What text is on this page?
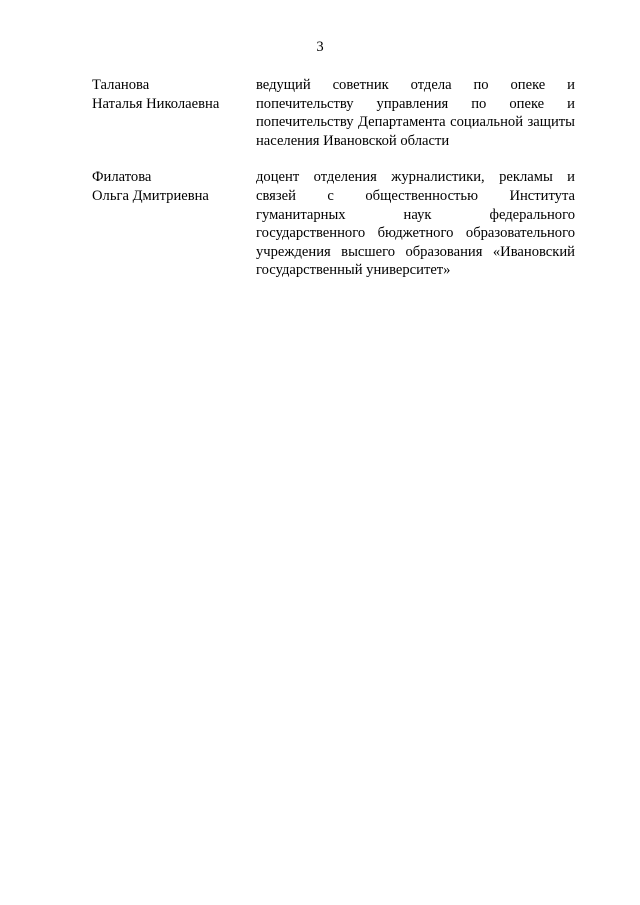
3
Таланова
Наталья Николаевна
ведущий советник отдела по опеке и попечительству управления по опеке и попечительству Департамента социальной защиты населения Ивановской области
Филатова
Ольга Дмитриевна
доцент отделения журналистики, рекламы и связей с общественностью Института гуманитарных наук федерального государственного бюджетного образовательного учреждения высшего образования «Ивановский государственный университет»
